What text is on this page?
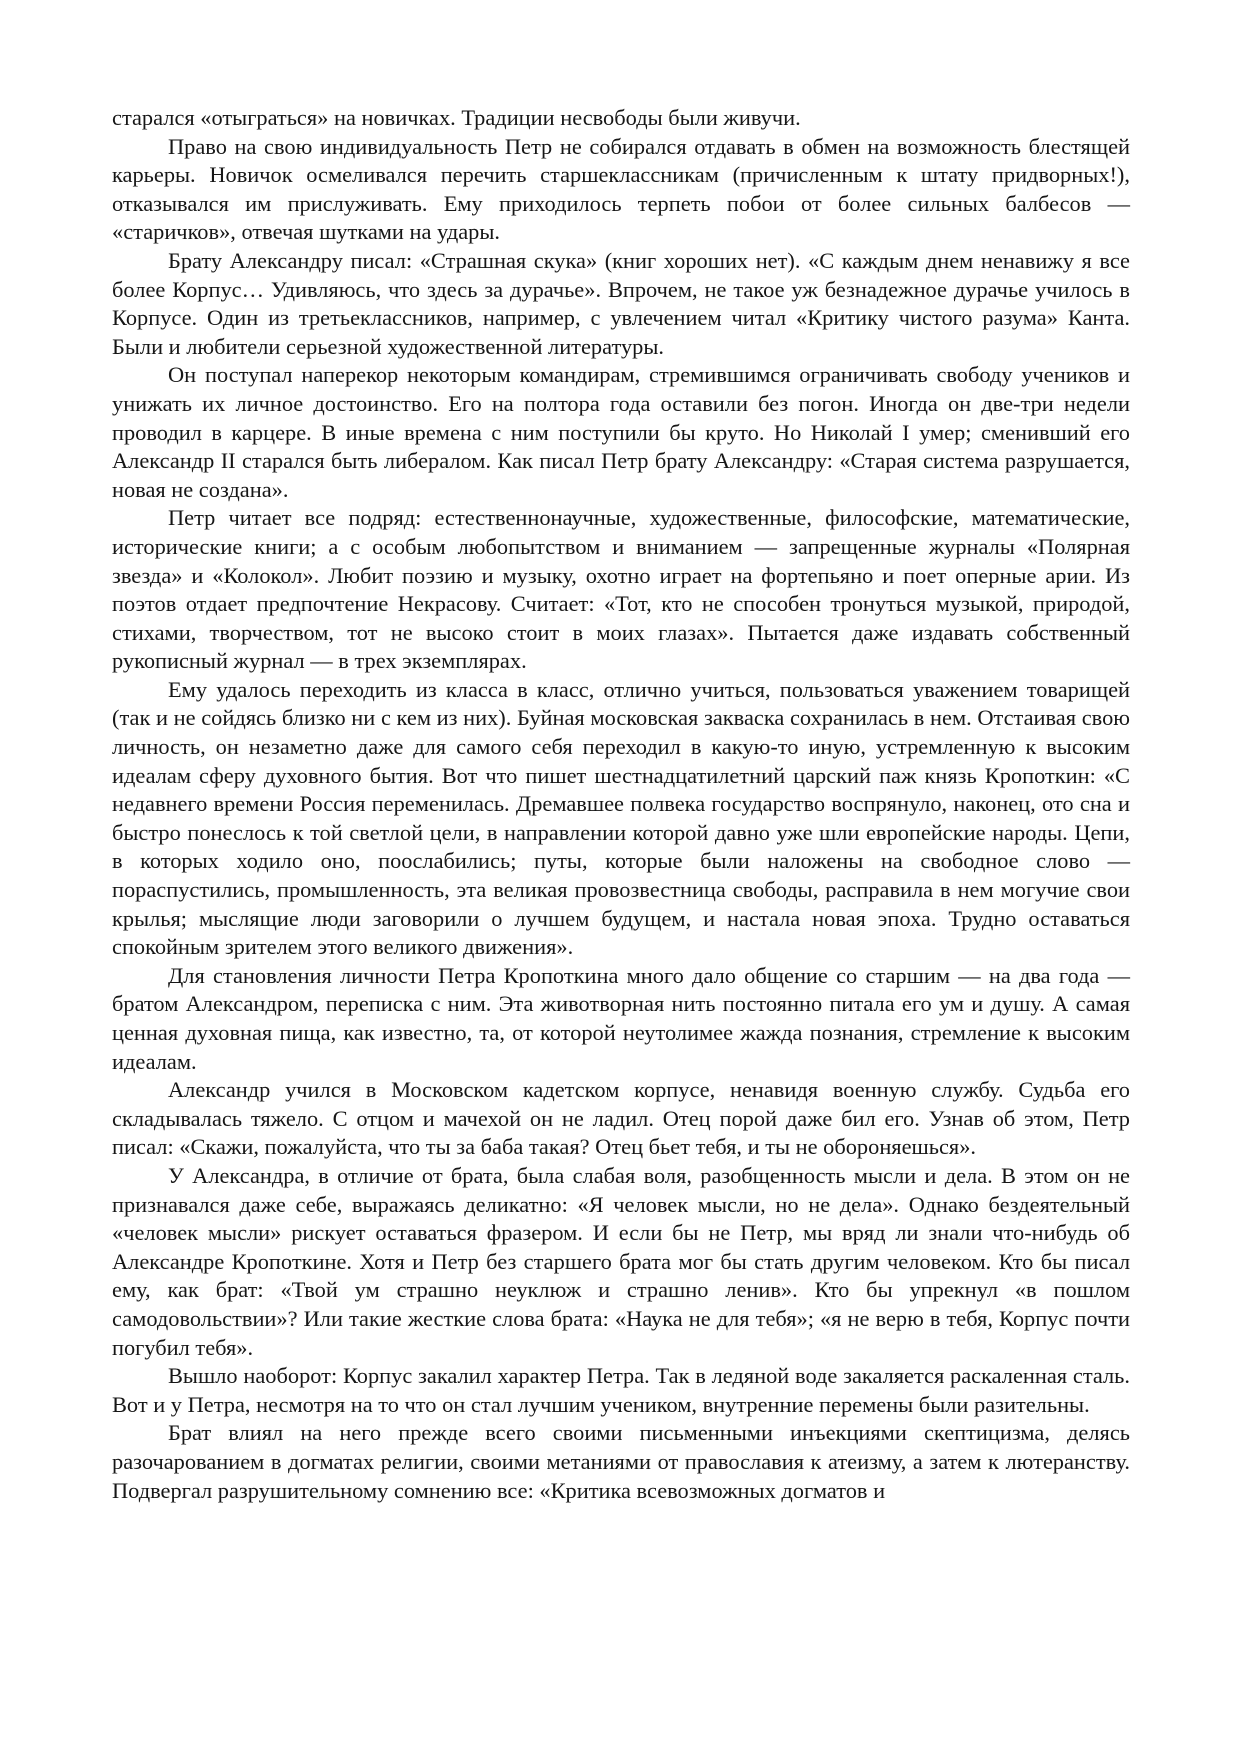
старался «отыграться» на новичках. Традиции несвободы были живучи.

Право на свою индивидуальность Петр не собирался отдавать в обмен на возможность блестящей карьеры. Новичок осмеливался перечить старшеклассникам (причисленным к штату придворных!), отказывался им прислуживать. Ему приходилось терпеть побои от более сильных балбесов — «старичков», отвечая шутками на удары.

Брату Александру писал: «Страшная скука» (книг хороших нет). «С каждым днем ненавижу я все более Корпус… Удивляюсь, что здесь за дурачье». Впрочем, не такое уж безнадежное дурачье училось в Корпусе. Один из третьеклассников, например, с увлечением читал «Критику чистого разума» Канта. Были и любители серьезной художественной литературы.

Он поступал наперекор некоторым командирам, стремившимся ограничивать свободу учеников и унижать их личное достоинство. Его на полтора года оставили без погон. Иногда он две-три недели проводил в карцере. В иные времена с ним поступили бы круто. Но Николай I умер; сменивший его Александр II старался быть либералом. Как писал Петр брату Александру: «Старая система разрушается, новая не создана».

Петр читает все подряд: естественнонаучные, художественные, философские, математические, исторические книги; а с особым любопытством и вниманием — запрещенные журналы «Полярная звезда» и «Колокол». Любит поэзию и музыку, охотно играет на фортепьяно и поет оперные арии. Из поэтов отдает предпочтение Некрасову. Считает: «Тот, кто не способен тронуться музыкой, природой, стихами, творчеством, тот не высоко стоит в моих глазах». Пытается даже издавать собственный рукописный журнал — в трех экземплярах.

Ему удалось переходить из класса в класс, отлично учиться, пользоваться уважением товарищей (так и не сойдясь близко ни с кем из них). Буйная московская закваска сохранилась в нем. Отстаивая свою личность, он незаметно даже для самого себя переходил в какую-то иную, устремленную к высоким идеалам сферу духовного бытия. Вот что пишет шестнадцатилетний царский паж князь Кропоткин: «С недавнего времени Россия переменилась. Дремавшее полвека государство воспрянуло, наконец, ото сна и быстро понеслось к той светлой цели, в направлении которой давно уже шли европейские народы. Цепи, в которых ходило оно, пооcлабились; путы, которые были наложены на свободное слово — пораспустились, промышленность, эта великая провозвестница свободы, расправила в нем могучие свои крылья; мыслящие люди заговорили о лучшем будущем, и настала новая эпоха. Трудно оставаться спокойным зрителем этого великого движения».

Для становления личности Петра Кропоткина много дало общение со старшим — на два года — братом Александром, переписка с ним. Эта животворная нить постоянно питала его ум и душу. А самая ценная духовная пища, как известно, та, от которой неутолимее жажда познания, стремление к высоким идеалам.

Александр учился в Московском кадетском корпусе, ненавидя военную службу. Судьба его складывалась тяжело. С отцом и мачехой он не ладил. Отец порой даже бил его. Узнав об этом, Петр писал: «Скажи, пожалуйста, что ты за баба такая? Отец бьет тебя, и ты не обороняешься».

У Александра, в отличие от брата, была слабая воля, разобщенность мысли и дела. В этом он не признавался даже себе, выражаясь деликатно: «Я человек мысли, но не дела». Однако бездеятельный «человек мысли» рискует оставаться фразером. И если бы не Петр, мы вряд ли знали что-нибудь об Александре Кропоткине. Хотя и Петр без старшего брата мог бы стать другим человеком. Кто бы писал ему, как брат: «Твой ум страшно неуклюж и страшно ленив». Кто бы упрекнул «в пошлом самодовольствии»? Или такие жесткие слова брата: «Наука не для тебя»; «я не верю в тебя, Корпус почти погубил тебя».

Вышло наоборот: Корпус закалил характер Петра. Так в ледяной воде закаляется раскаленная сталь. Вот и у Петра, несмотря на то что он стал лучшим учеником, внутренние перемены были разительны.

Брат влиял на него прежде всего своими письменными инъекциями скептицизма, делясь разочарованием в догматах религии, своими метаниями от православия к атеизму, а затем к лютеранству. Подвергал разрушительному сомнению все: «Критика всевозможных догматов и
